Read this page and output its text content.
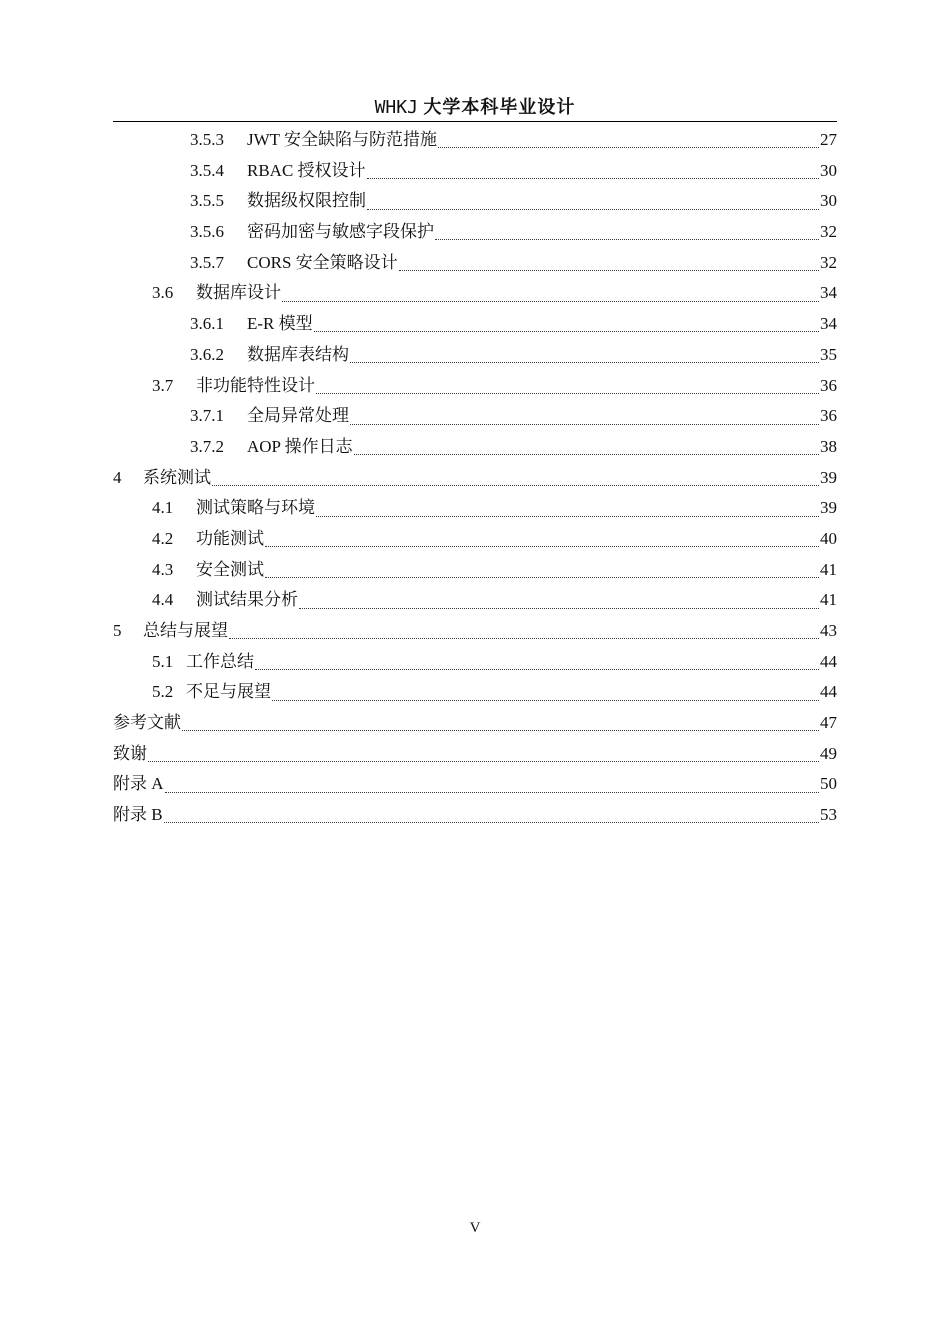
WHKJ 大学本科毕业设计
3.5.3	JWT 安全缺陷与防范措施	27
3.5.4	RBAC 授权设计	30
3.5.5	数据级权限控制	30
3.5.6	密码加密与敏感字段保护	32
3.5.7	CORS 安全策略设计	32
3.6	数据库设计	34
3.6.1	E-R 模型	34
3.6.2	数据库表结构	35
3.7	非功能特性设计	36
3.7.1	全局异常处理	36
3.7.2	AOP 操作日志	38
4	系统测试	39
4.1	测试策略与环境	39
4.2	功能测试	40
4.3	安全测试	41
4.4	测试结果分析	41
5	总结与展望	43
5.1 工作总结	44
5.2 不足与展望	44
参考文献	47
致谢	49
附录 A	50
附录 B	53
V
